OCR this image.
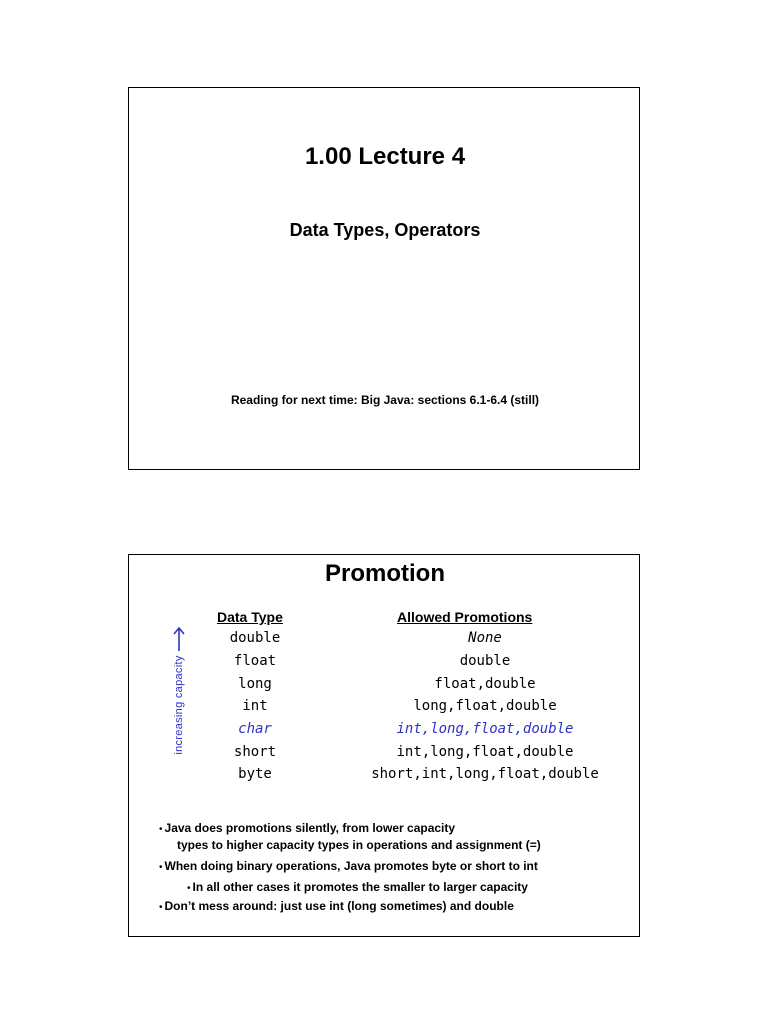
1.00 Lecture 4
Data Types, Operators
Reading for next time: Big Java: sections 6.1-6.4 (still)
Promotion
Data Type	Allowed Promotions
increasing capacity
double	None
float	double
long	float,double
int	long,float,double
char	int,long,float,double
short	int,long,float,double
byte	short,int,long,float,double
• Java does promotions silently, from lower capacity
types to higher capacity types in operations and assignment (=)
• When doing binary operations, Java promotes byte or short to int
• In all other cases it promotes the smaller to larger capacity
• Don’t mess around: just use int (long sometimes) and double
